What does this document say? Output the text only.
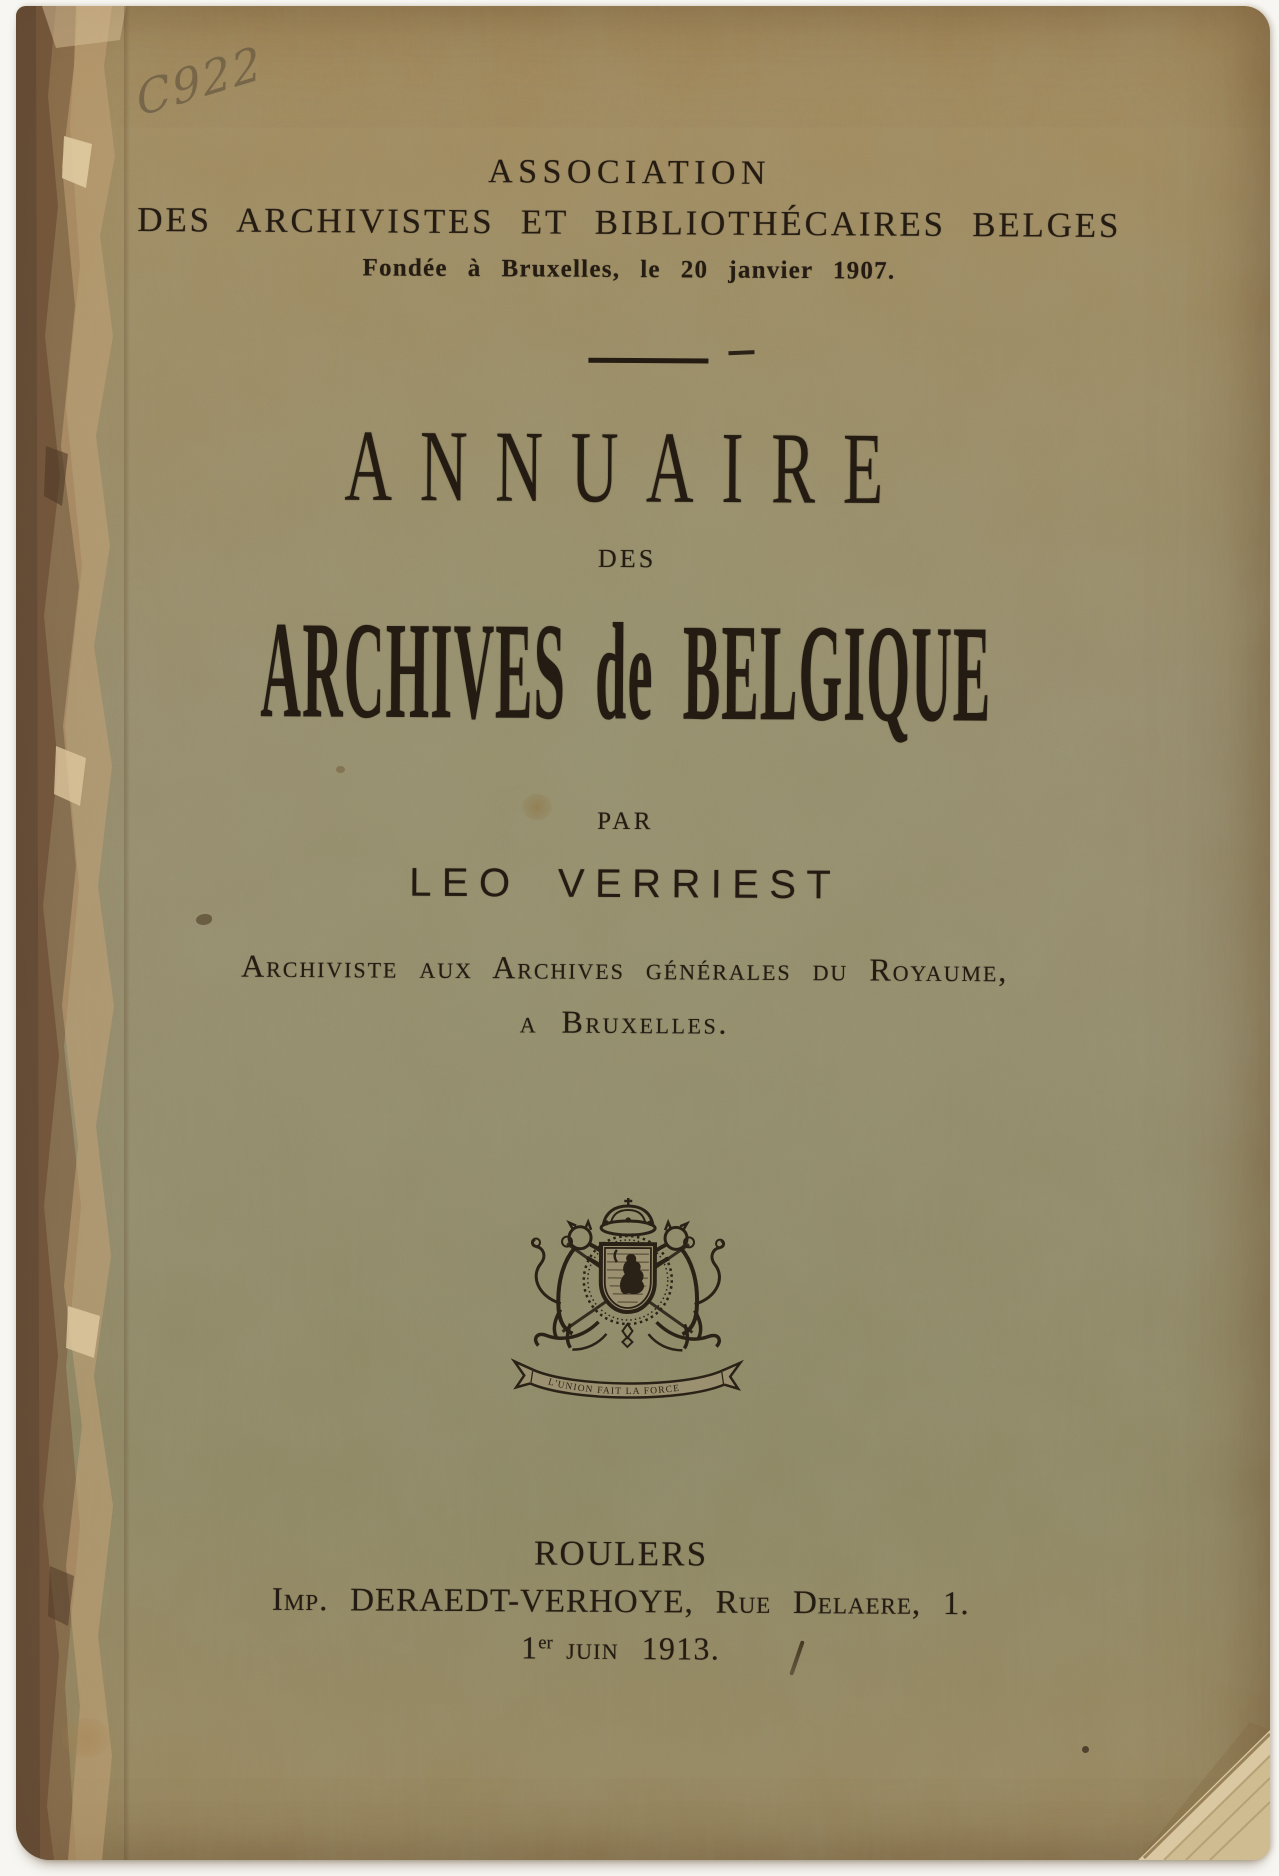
C922
ASSOCIATION
DES ARCHIVISTES ET BIBLIOTHÉCAIRES BELGES
Fondée à Bruxelles, le 20 janvier 1907.
ANNUAIRE
DES
ARCHIVES de BELGIQUE
PAR
LEO VERRIEST
Archiviste aux Archives générales du Royaume,
a Bruxelles.
L'UNION FAIT LA FORCE
ROULERS
Imp. DERAEDT-VERHOYE, Rue Delaere, 1.
1er juin 1913.
